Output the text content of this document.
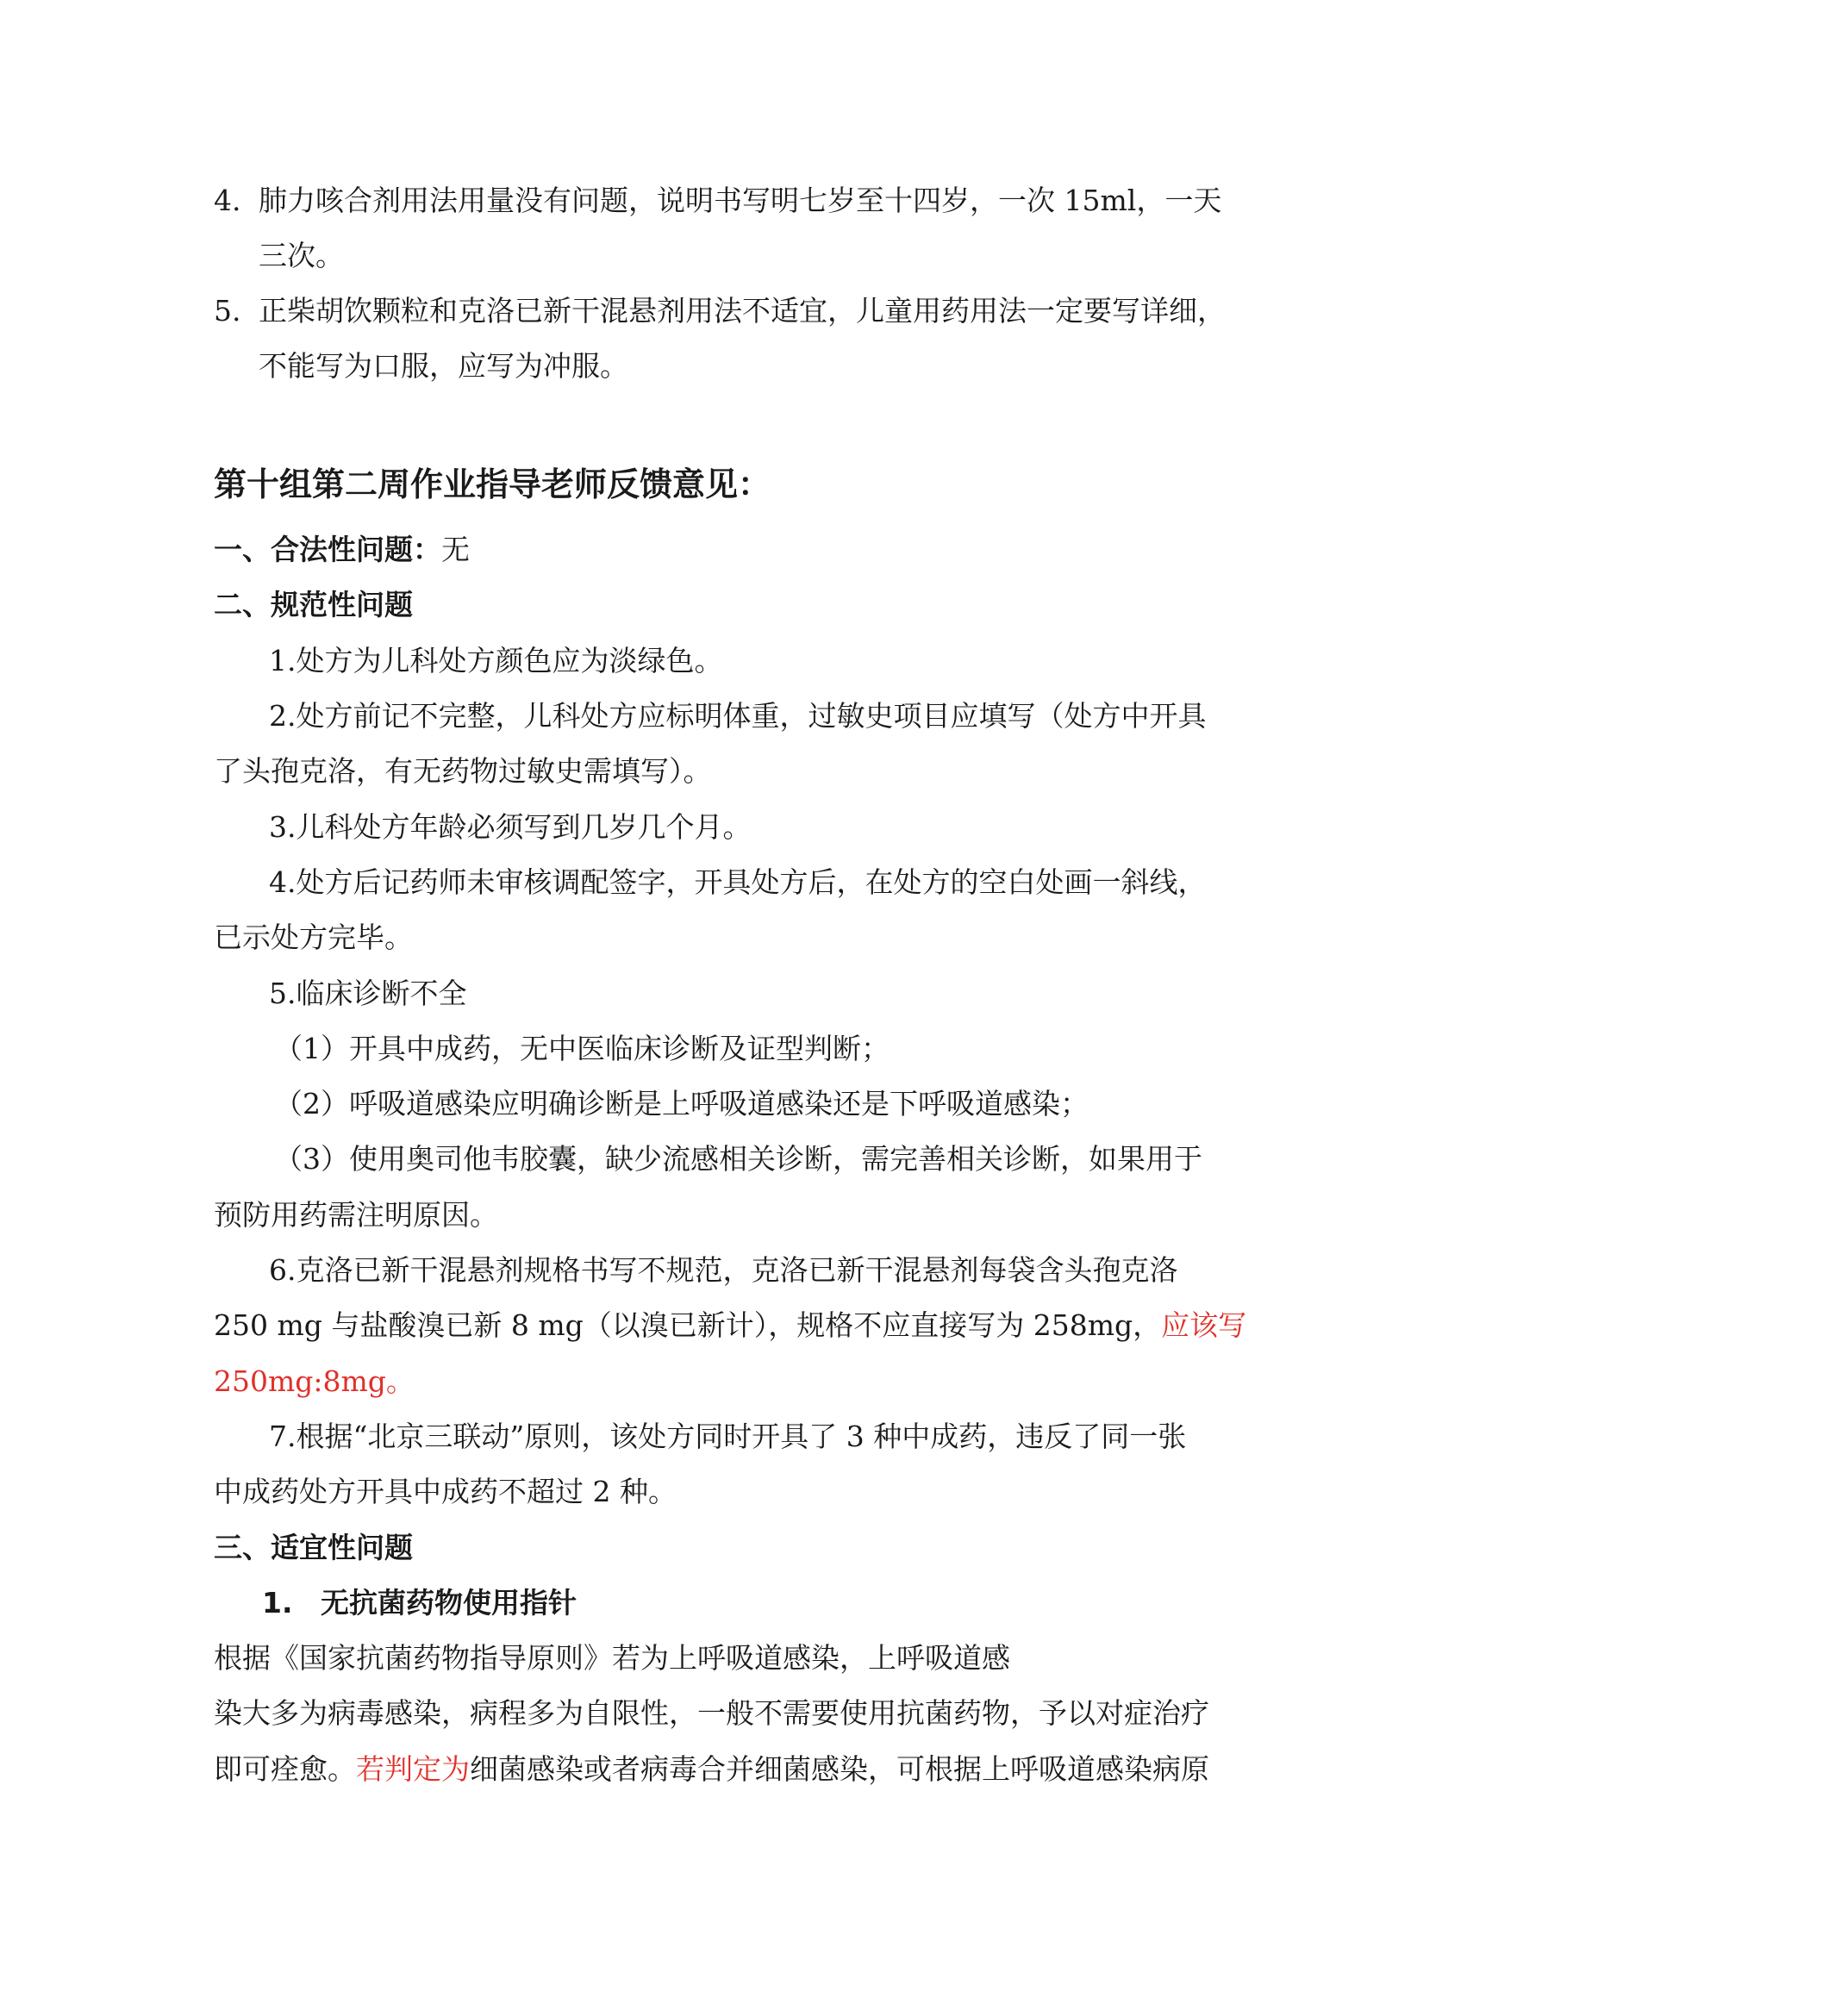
4. 肺力咳合剂用法用量没有问题，说明书写明七岁至十四岁，一次 15ml，一天
三次。
5. 正柴胡饮颗粒和克洛已新干混悬剂用法不适宜，儿童用药用法一定要写详细，
不能写为口服，应写为冲服。
第十组第二周作业指导老师反馈意见：
一、合法性问题：无
二、规范性问题
1.处方为儿科处方颜色应为淡绿色。
2.处方前记不完整，儿科处方应标明体重，过敏史项目应填写（处方中开具
了头孢克洛，有无药物过敏史需填写）。
3.儿科处方年龄必须写到几岁几个月。
4.处方后记药师未审核调配签字，开具处方后，在处方的空白处画一斜线，
已示处方完毕。
5.临床诊断不全
（1）开具中成药，无中医临床诊断及证型判断；
（2）呼吸道感染应明确诊断是上呼吸道感染还是下呼吸道感染；
（3）使用奥司他韦胶囊，缺少流感相关诊断，需完善相关诊断，如果用于
预防用药需注明原因。
6.克洛已新干混悬剂规格书写不规范，克洛已新干混悬剂每袋含头孢克洛
250 mg 与盐酸溴已新 8 mg（以溴已新计），规格不应直接写为 258mg，应该写
250mg:8mg。
7.根据“北京三联动”原则，该处方同时开具了 3 种中成药，违反了同一张
中成药处方开具中成药不超过 2 种。
三、适宜性问题
1. 无抗菌药物使用指针
根据《国家抗菌药物指导原则》若为上呼吸道感染，上呼吸道感
染大多为病毒感染，病程多为自限性，一般不需要使用抗菌药物，予以对症治疗
即可痊愈。若判定为细菌感染或者病毒合并细菌感染，可根据上呼吸道感染病原
